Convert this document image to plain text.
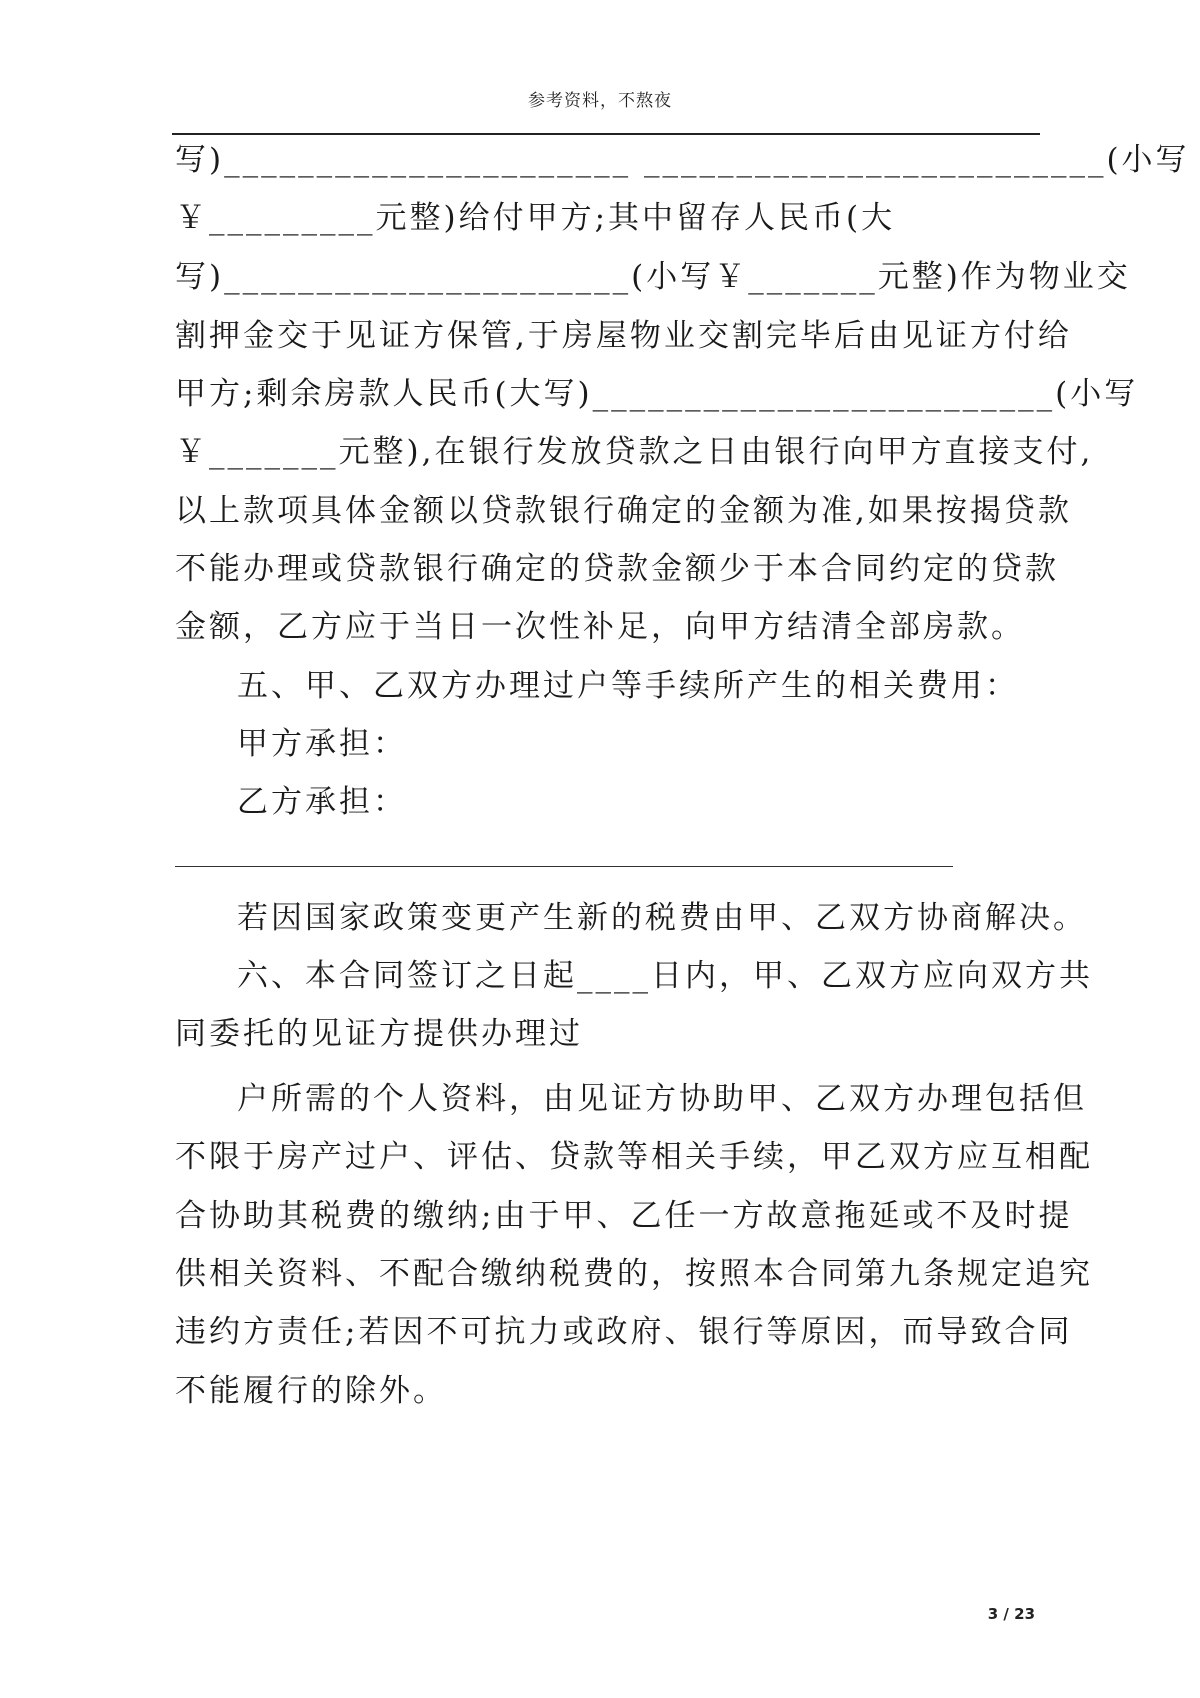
参考资料，不熬夜
写)______________________ _________________________(小写
￥_________元整)给付甲方;其中留存人民币(大
写)______________________(小写￥_______元整)作为物业交
割押金交于见证方保管,于房屋物业交割完毕后由见证方付给
甲方;剩余房款人民币(大写)_________________________(小写
￥_______元整),在银行发放贷款之日由银行向甲方直接支付,
以上款项具体金额以贷款银行确定的金额为准,如果按揭贷款
不能办理或贷款银行确定的贷款金额少于本合同约定的贷款
金额，乙方应于当日一次性补足，向甲方结清全部房款。
五、甲、乙双方办理过户等手续所产生的相关费用：
甲方承担：
乙方承担：
若因国家政策变更产生新的税费由甲、乙双方协商解决。
六、本合同签订之日起____日内，甲、乙双方应向双方共
同委托的见证方提供办理过
户所需的个人资料，由见证方协助甲、乙双方办理包括但
不限于房产过户、评估、贷款等相关手续，甲乙双方应互相配
合协助其税费的缴纳;由于甲、乙任一方故意拖延或不及时提
供相关资料、不配合缴纳税费的，按照本合同第九条规定追究
违约方责任;若因不可抗力或政府、银行等原因，而导致合同
不能履行的除外。
3 / 23
